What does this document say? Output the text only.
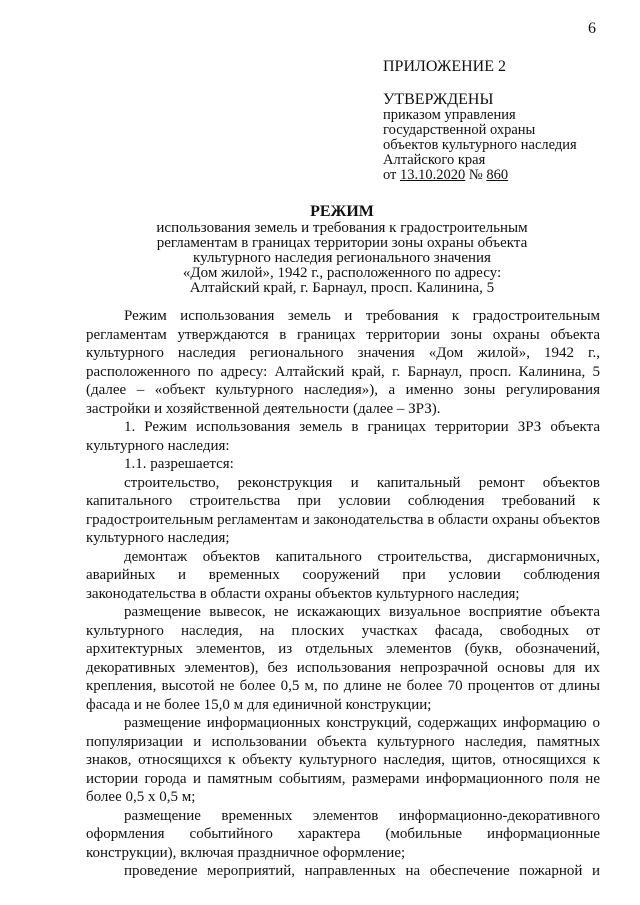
6
ПРИЛОЖЕНИЕ 2
УТВЕРЖДЕНЫ
приказом управления
государственной охраны
объектов культурного наследия
Алтайского края
от 13.10.2020 № 860
РЕЖИМ
использования земель и требования к градостроительным
регламентам в границах территории зоны охраны объекта
культурного наследия регионального значения
«Дом жилой», 1942 г., расположенного по адресу:
Алтайский край, г. Барнаул, просп. Калинина, 5

Режим использования земель и требования к градостроительным регламентам утверждаются в границах территории зоны охраны объекта культурного наследия регионального значения «Дом жилой», 1942 г., расположенного по адресу: Алтайский край, г. Барнаул, просп. Калинина, 5 (далее – «объект культурного наследия»), а именно зоны регулирования застройки и хозяйственной деятельности (далее – ЗРЗ).

1. Режим использования земель в границах территории ЗРЗ объекта культурного наследия:

1.1. разрешается:

строительство, реконструкция и капитальный ремонт объектов капитального строительства при условии соблюдения требований к градостроительным регламентам и законодательства в области охраны объектов культурного наследия;

демонтаж объектов капитального строительства, дисгармоничных, аварийных и временных сооружений при условии соблюдения законодательства в области охраны объектов культурного наследия;

размещение вывесок, не искажающих визуальное восприятие объекта культурного наследия, на плоских участках фасада, свободных от архитектурных элементов, из отдельных элементов (букв, обозначений, декоративных элементов), без использования непрозрачной основы для их крепления, высотой не более 0,5 м, по длине не более 70 процентов от длины фасада и не более 15,0 м для единичной конструкции;

размещение информационных конструкций, содержащих информацию о популяризации и использовании объекта культурного наследия, памятных знаков, относящихся к объекту культурного наследия, щитов, относящихся к истории города и памятным событиям, размерами информационного поля не более 0,5 х 0,5 м;

размещение временных элементов информационно-декоративного оформления событийного характера (мобильные информационные конструкции), включая праздничное оформление;

проведение мероприятий, направленных на обеспечение пожарной и
